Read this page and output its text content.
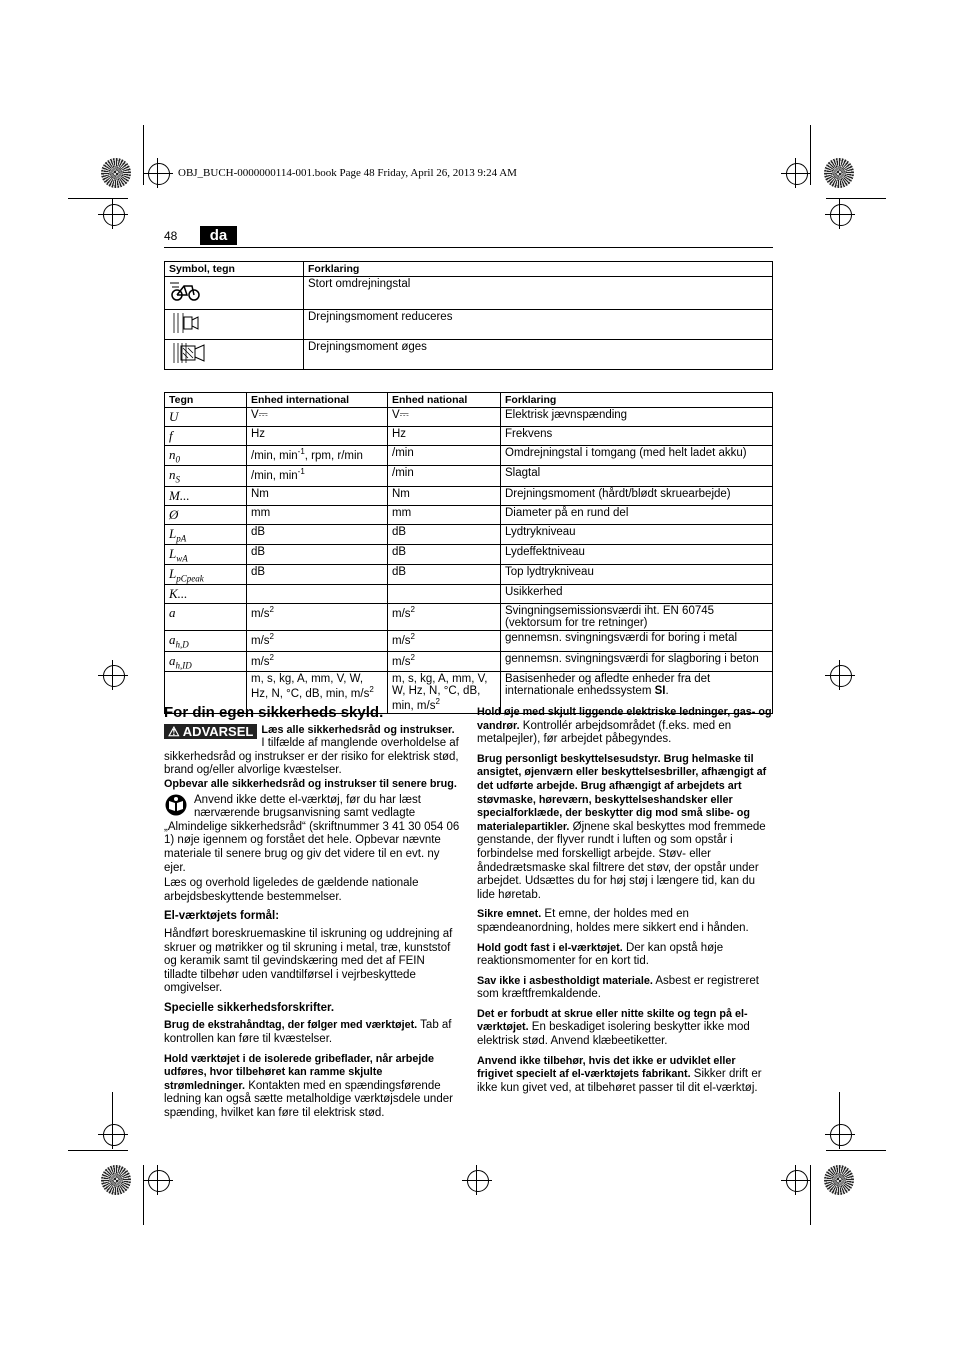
OBJ_BUCH-0000000114-001.book Page 48 Friday, April 26, 2013 9:24 AM
48	da
Symbol, tegn	Forklaring
	Stort omdrejningstal
	Drejningsmoment reduceres
	Drejningsmoment øges
Tegn	Enhed international	Enhed national	Forklaring
U	V⎓	V⎓	Elektrisk jævnspænding
f	Hz	Hz	Frekvens
$n_0$	/min, $\min^{-1}$, rpm, r/min	/min	Omdrejningstal i tomgang (med helt ladet akku)
$n_S$	/min, $\min^{-1}$	/min	Slagtal
M...	Nm	Nm	Drejningsmoment (hårdt/blødt skruearbejde)
Ø	mm	mm	Diameter på en rund del
$L_{pA}$	dB	dB	Lydtrykniveau
$L_{wA}$	dB	dB	Lydeffektniveau
$L_{pCpeak}$	dB	dB	Top lydtrykniveau
K...			Usikkerhed
a	$m/s^2$	$m/s^2$	Svingningsemissionsværdi iht. EN 60745 (vektorsum for tre retninger)
$a_{h,D}$	$m/s^2$	$m/s^2$	gennemsn. svingningsværdi for boring i metal
$a_{h,ID}$	$m/s^2$	$m/s^2$	gennemsn. svingningsværdi for slagboring i beton
	m, s, kg, A, mm, V, W, Hz, N, °C, dB, min, $m/s^2$	m, s, kg, A, mm, V, W, Hz, N, °C, dB, min, $m/s^2$	Basisenheder og afledte enheder fra det internationale enhedssystem SI.
For din egen sikkerheds skyld.
⚠ ADVARSEL Læs alle sikkerhedsråd og instrukser. I tilfælde af manglende overholdelse af sikkerhedsråd og instrukser er der risiko for elektrisk stød, brand og/eller alvorlige kvæstelser.
Opbevar alle sikkerhedsråd og instrukser til senere brug.
Anvend ikke dette el-værktøj, før du har læst nærværende brugsanvisning samt vedlagte „Almindelige sikkerhedsråd“ (skriftnummer 3 41 30 054 06 1) nøje igennem og forstået det hele. Opbevar nævnte materiale til senere brug og giv det videre til en evt. ny ejer.

Læs og overhold ligeledes de gældende nationale arbejdsbeskyttende bestemmelser.

El-værktøjets formål:

Håndført boreskruemaskine til iskruning og uddrejning af skruer og møtrikker og til skruning i metal, træ, kunststof og keramik samt til gevindskæring med det af FEIN tilladte tilbehør uden vandtilførsel i vejrbeskyttede omgivelser.

Specielle sikkerhedsforskrifter.

Brug de ekstrahåndtag, der følger med værktøjet. Tab af kontrollen kan føre til kvæstelser.

Hold værktøjet i de isolerede gribeflader, når arbejde udføres, hvor tilbehøret kan ramme skjulte strømledninger. Kontakten med en spændingsførende ledning kan også sætte metalholdige værktøjsdele under spænding, hvilket kan føre til elektrisk stød.

Hold øje med skjult liggende elektriske ledninger, gas- og vandrør. Kontrollér arbejdsområdet (f.eks. med en metalpejler), før arbejdet påbegyndes.

Brug personligt beskyttelsesudstyr. Brug helmaske til ansigtet, øjenværn eller beskyttelsesbriller, afhængigt af det udførte arbejde. Brug afhængigt af arbejdets art støvmaske, høreværn, beskyttelseshandsker eller specialforklæde, der beskytter dig mod små slibe- og materialepartikler. Øjnene skal beskyttes mod fremmede genstande, der flyver rundt i luften og som opstår i forbindelse med forskelligt arbejde. Støv- eller åndedrætsmaske skal filtrere det støv, der opstår under arbejdet. Udsættes du for høj støj i længere tid, kan du lide høretab.

Sikre emnet. Et emne, der holdes med en spændeanordning, holdes mere sikkert end i hånden.

Hold godt fast i el-værktøjet. Der kan opstå høje reaktionsmomenter for en kort tid.

Sav ikke i asbestholdigt materiale. Asbest er registreret som kræftfremkaldende.

Det er forbudt at skrue eller nitte skilte og tegn på el-værktøjet. En beskadiget isolering beskytter ikke mod elektrisk stød. Anvend klæbeetiketter.

Anvend ikke tilbehør, hvis det ikke er udviklet eller frigivet specielt af el-værktøjets fabrikant. Sikker drift er ikke kun givet ved, at tilbehøret passer til dit el-værktøj.
